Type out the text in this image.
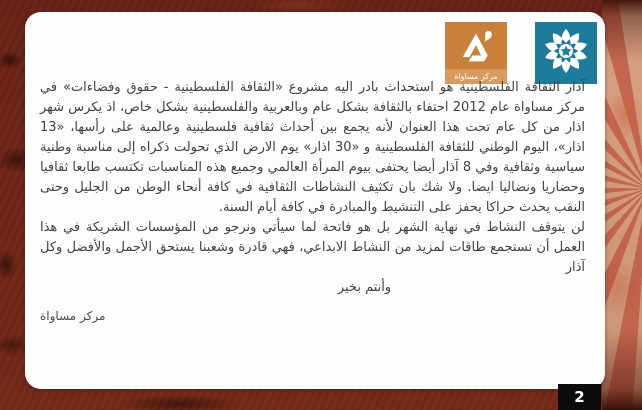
مركز مساواة

آذار الثقافة الفلسطينية هو استحداث بادر اليه مشروع «الثقافة الفلسطينية - حقوق وفضاءات» في مركز مساواة عام 2012 احتفاء بالثقافة بشكل عام وبالعربية والفلسطينية بشكل خاص، اذ يكرس شهر اذار من كل عام تحت هذا العنوان لأنه يجمع بين أحداث ثقافية فلسطينية وعالمية على رأسها، «13 اذار»، اليوم الوطني للثقافة الفلسطينية و «30 اذار» يوم الارض الذي تحولت ذكراه إلى مناسبة وطنية سياسية وثقافية وفي 8 آذار أيضا يحتفى بيوم المرأة العالمي وجميع هذه المناسبات تكتسب طابعا ثقافيا وحضاريا ونضاليا ايضا. ولا شك بان تكثيف النشاطات الثقافية في كافة أنحاء الوطن من الجليل وحتى النقب يحدث حراكا يحفز على التنشيط والمبادرة في كافة أيام السنة.

لن يتوقف النشاط في نهاية الشهر بل هو فاتحة لما سيأتي ونرجو من المؤسسات الشريكة في هذا العمل أن تستجمع طاقات لمزيد من النشاط الابداعي، فهي قادرة وشعبنا يستحق الأجمل والأفضل وكل آذار

وأنتم بخير
مركز مساواة
2
